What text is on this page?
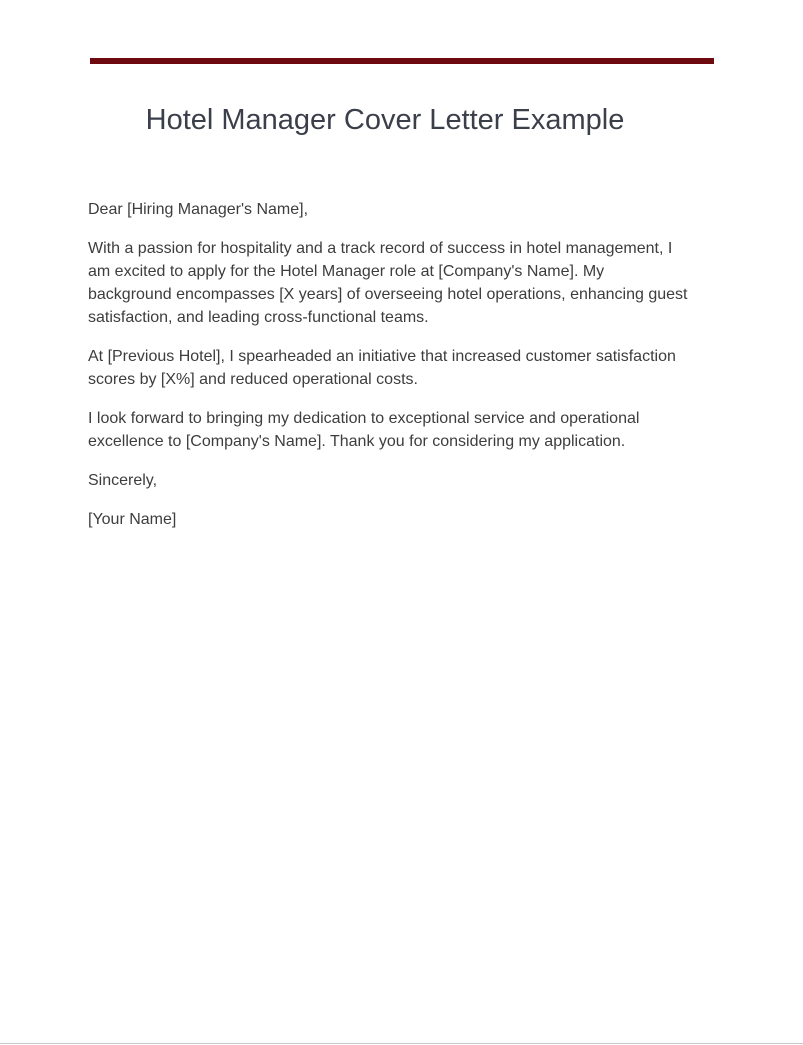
Hotel Manager Cover Letter Example

Dear [Hiring Manager's Name],

With a passion for hospitality and a track record of success in hotel management, I am excited to apply for the Hotel Manager role at [Company's Name]. My background encompasses [X years] of overseeing hotel operations, enhancing guest satisfaction, and leading cross-functional teams.

At [Previous Hotel], I spearheaded an initiative that increased customer satisfaction scores by [X%] and reduced operational costs.

I look forward to bringing my dedication to exceptional service and operational excellence to [Company's Name]. Thank you for considering my application.

Sincerely,

[Your Name]
